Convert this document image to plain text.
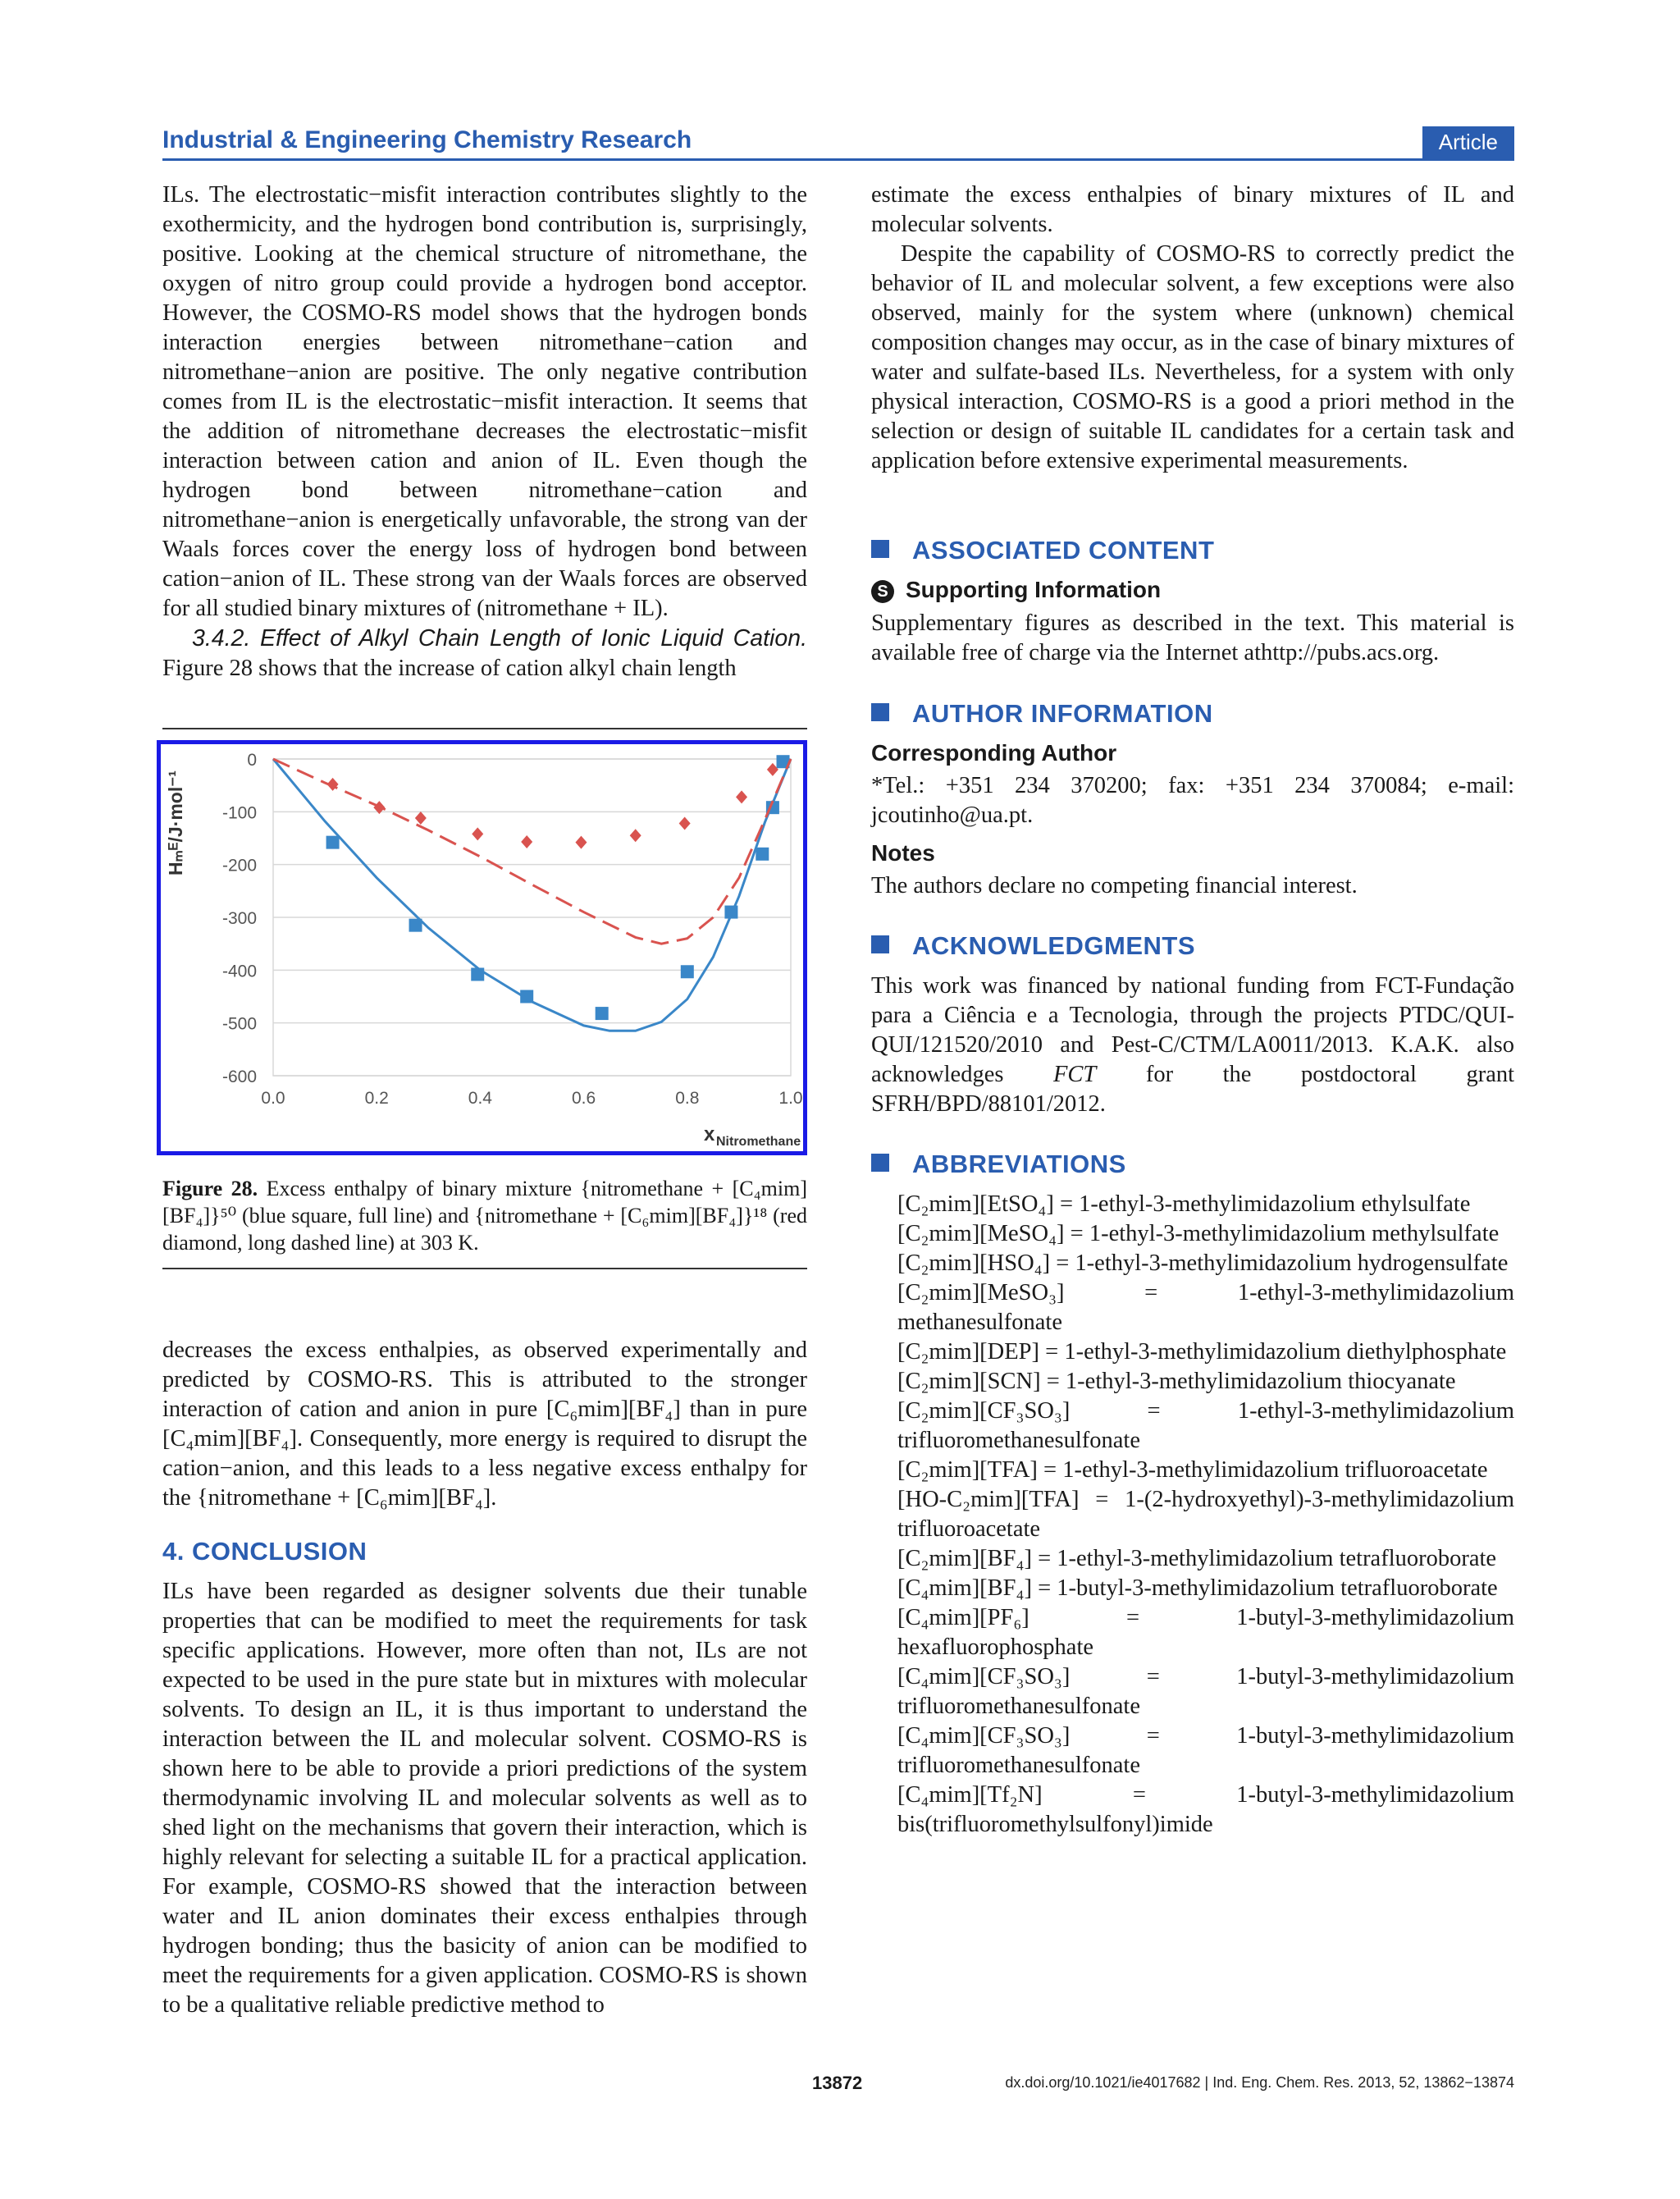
Industrial & Engineering Chemistry Research	Article

ILs. The electrostatic−misfit interaction contributes slightly to the exothermicity, and the hydrogen bond contribution is, surprisingly, positive. Looking at the chemical structure of nitromethane, the oxygen of nitro group could provide a hydrogen bond acceptor. However, the COSMO-RS model shows that the hydrogen bonds interaction energies between nitromethane−cation and nitromethane−anion are positive. The only negative contribution comes from IL is the electrostatic−misfit interaction. It seems that the addition of nitromethane decreases the electrostatic−misfit interaction between cation and anion of IL. Even though the hydrogen bond between nitromethane−cation and nitromethane−anion is energetically unfavorable, the strong van der Waals forces cover the energy loss of hydrogen bond between cation−anion of IL. These strong van der Waals forces are observed for all studied binary mixtures of (nitromethane + IL).

3.4.2. Effect of Alkyl Chain Length of Ionic Liquid Cation. Figure 28 shows that the increase of cation alkyl chain length

0
-100
-200
-300
-400
-500
-600
0.0	0.2	0.4	0.6	0.8	1.0
Hₘᴱ/J·mol⁻¹
x Nitromethane
Figure 28. Excess enthalpy of binary mixture {nitromethane + [C₄mim][BF₄]}⁵⁰ (blue square, full line) and {nitromethane + [C₆mim][BF₄]}¹⁸ (red diamond, long dashed line) at 303 K.

decreases the excess enthalpies, as observed experimentally and predicted by COSMO-RS. This is attributed to the stronger interaction of cation and anion in pure [C₆mim][BF₄] than in pure [C₄mim][BF₄]. Consequently, more energy is required to disrupt the cation−anion, and this leads to a less negative excess enthalpy for the {nitromethane + [C₆mim][BF₄].

4. CONCLUSION

ILs have been regarded as designer solvents due their tunable properties that can be modified to meet the requirements for task specific applications. However, more often than not, ILs are not expected to be used in the pure state but in mixtures with molecular solvents. To design an IL, it is thus important to understand the interaction between the IL and molecular solvent. COSMO-RS is shown here to be able to provide a priori predictions of the system thermodynamic involving IL and molecular solvents as well as to shed light on the mechanisms that govern their interaction, which is highly relevant for selecting a suitable IL for a practical application. For example, COSMO-RS showed that the interaction between water and IL anion dominates their excess enthalpies through hydrogen bonding; thus the basicity of anion can be modified to meet the requirements for a given application. COSMO-RS is shown to be a qualitative reliable predictive method to

estimate the excess enthalpies of binary mixtures of IL and molecular solvents.

Despite the capability of COSMO-RS to correctly predict the behavior of IL and molecular solvent, a few exceptions were also observed, mainly for the system where (unknown) chemical composition changes may occur, as in the case of binary mixtures of water and sulfate-based ILs. Nevertheless, for a system with only physical interaction, COSMO-RS is a good a priori method in the selection or design of suitable IL candidates for a certain task and application before extensive experimental measurements.

ASSOCIATED CONTENT
S Supporting Information

Supplementary figures as described in the text. This material is available free of charge via the Internet athttp://pubs.acs.org.

AUTHOR INFORMATION
Corresponding Author

*Tel.: +351 234 370200; fax: +351 234 370084; e-mail: jcoutinho@ua.pt.

Notes

The authors declare no competing financial interest.

ACKNOWLEDGMENTS

This work was financed by national funding from FCT-Fundação para a Ciência e a Tecnologia, through the projects PTDC/QUI-QUI/121520/2010 and Pest-C/CTM/LA0011/2013. K.A.K. also acknowledges FCT for the postdoctoral grant SFRH/BPD/88101/2012.

ABBREVIATIONS
[C₂mim][EtSO₄] = 1-ethyl-3-methylimidazolium ethylsulfate
[C₂mim][MeSO₄] = 1-ethyl-3-methylimidazolium methylsulfate
[C₂mim][HSO₄] = 1-ethyl-3-methylimidazolium hydrogensulfate
[C₂mim][MeSO₃] = 1-ethyl-3-methylimidazolium methanesulfonate
[C₂mim][DEP] = 1-ethyl-3-methylimidazolium diethylphosphate
[C₂mim][SCN] = 1-ethyl-3-methylimidazolium thiocyanate
[C₂mim][CF₃SO₃] = 1-ethyl-3-methylimidazolium trifluoromethanesulfonate
[C₂mim][TFA] = 1-ethyl-3-methylimidazolium trifluoroacetate
[HO-C₂mim][TFA] = 1-(2-hydroxyethyl)-3-methylimidazolium trifluoroacetate
[C₂mim][BF₄] = 1-ethyl-3-methylimidazolium tetrafluoroborate
[C₄mim][BF₄] = 1-butyl-3-methylimidazolium tetrafluoroborate
[C₄mim][PF₆] = 1-butyl-3-methylimidazolium hexafluorophosphate
[C₄mim][CF₃SO₃] = 1-butyl-3-methylimidazolium trifluoromethanesulfonate
[C₄mim][CF₃SO₃] = 1-butyl-3-methylimidazolium trifluoromethanesulfonate
[C₄mim][Tf₂N] = 1-butyl-3-methylimidazolium bis(trifluoromethylsulfonyl)imide
13872	dx.doi.org/10.1021/ie4017682 | Ind. Eng. Chem. Res. 2013, 52, 13862−13874
